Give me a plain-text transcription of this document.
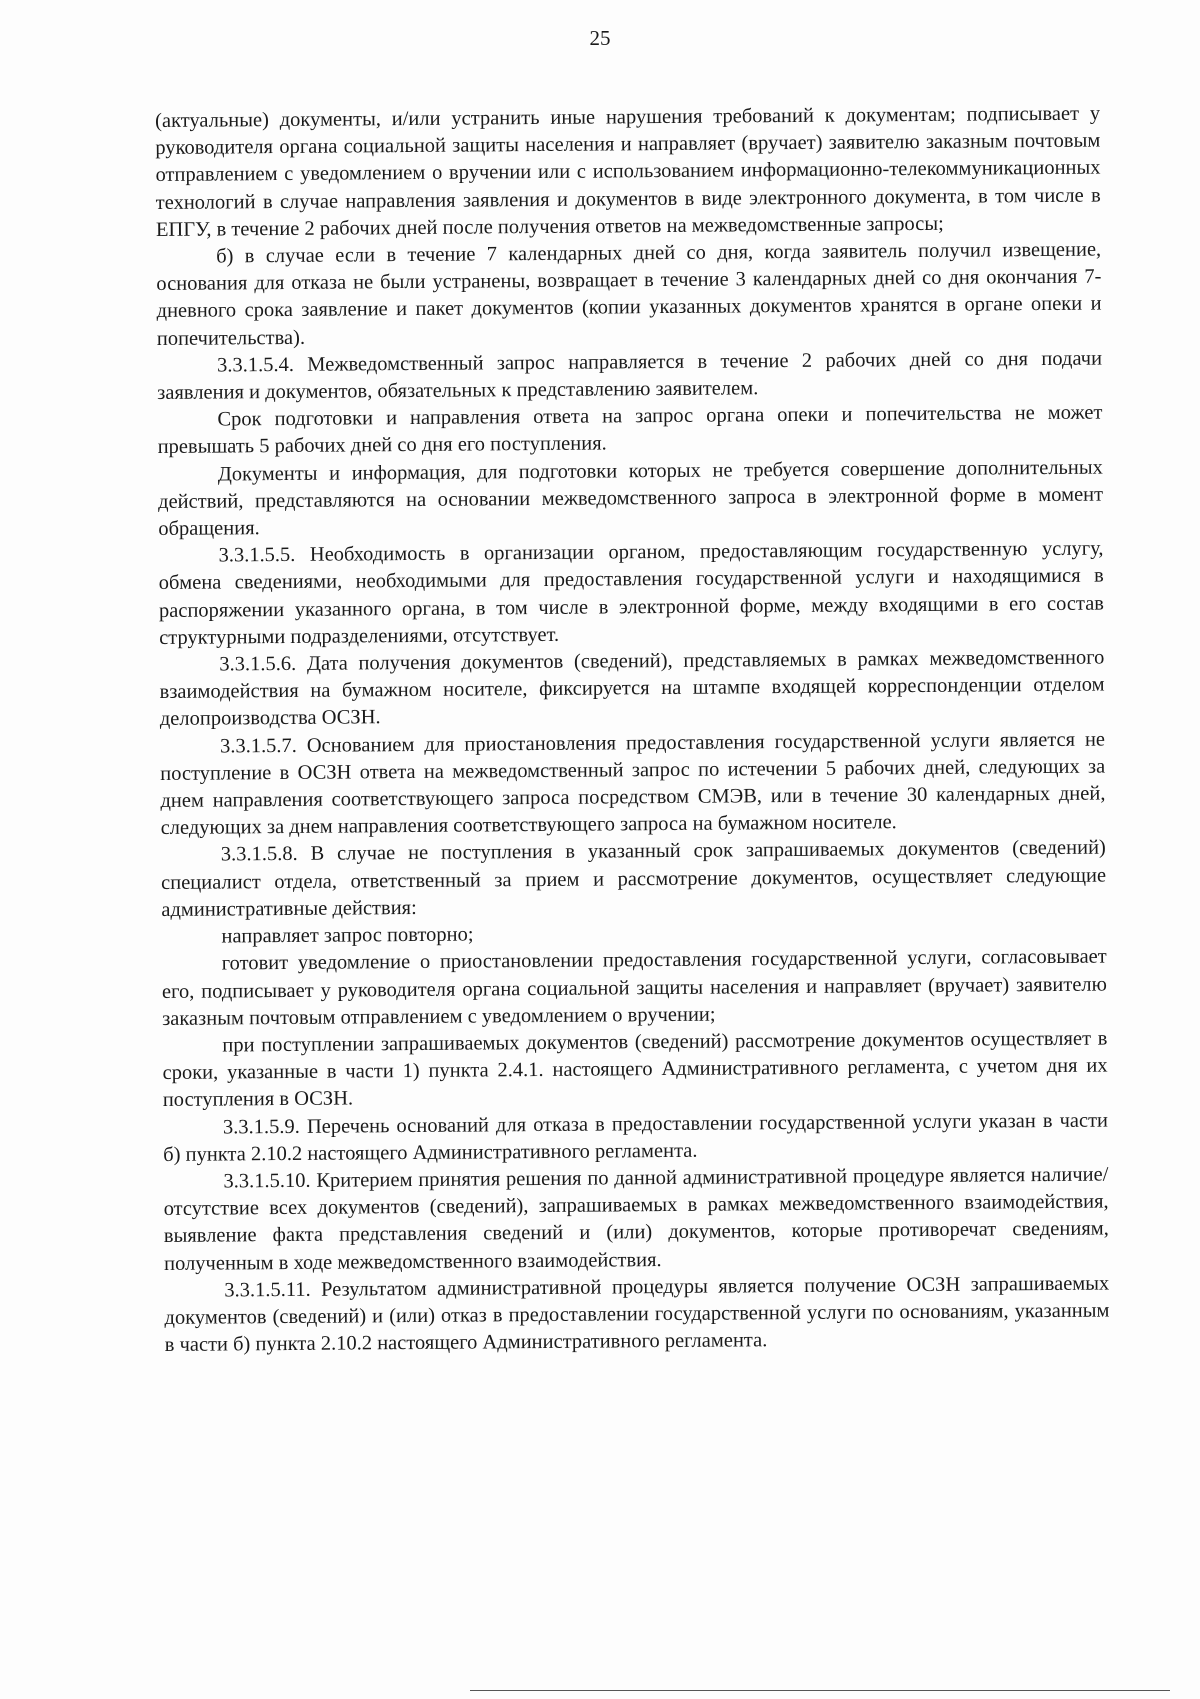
25

(актуальные) документы, и/или устранить иные нарушения требований к документам; подписывает у руководителя органа социальной защиты населения и направляет (вручает) заявителю заказным почтовым отправлением с уведомлением о вручении или с использованием информационно-телекоммуникационных технологий в случае направления заявления и документов в виде электронного документа, в том числе в ЕПГУ, в течение 2 рабочих дней после получения ответов на межведомственные запросы;

б) в случае если в течение 7 календарных дней со дня, когда заявитель получил извещение, основания для отказа не были устранены, возвращает в течение 3 календарных дней со дня окончания 7-дневного срока заявление и пакет документов (копии указанных документов хранятся в органе опеки и попечительства).

3.3.1.5.4. Межведомственный запрос направляется в течение 2 рабочих дней со дня подачи заявления и документов, обязательных к представлению заявителем.

Срок подготовки и направления ответа на запрос органа опеки и попечительства не может превышать 5 рабочих дней со дня его поступления.

Документы и информация, для подготовки которых не требуется совершение дополнительных действий, представляются на основании межведомственного запроса в электронной форме в момент обращения.

3.3.1.5.5. Необходимость в организации органом, предоставляющим государственную услугу, обмена сведениями, необходимыми для предоставления государственной услуги и находящимися в распоряжении указанного органа, в том числе в электронной форме, между входящими в его состав структурными подразделениями, отсутствует.

3.3.1.5.6. Дата получения документов (сведений), представляемых в рамках межведомственного взаимодействия на бумажном носителе, фиксируется на штампе входящей корреспонденции отделом делопроизводства ОСЗН.

3.3.1.5.7. Основанием для приостановления предоставления государственной услуги является не поступление в ОСЗН ответа на межведомственный запрос по истечении 5 рабочих дней, следующих за днем направления соответствующего запроса посредством СМЭВ, или в течение 30 календарных дней, следующих за днем направления соответствующего запроса на бумажном носителе.

3.3.1.5.8. В случае не поступления в указанный срок запрашиваемых документов (сведений) специалист отдела, ответственный за прием и рассмотрение документов, осуществляет следующие административные действия:

направляет запрос повторно;

готовит уведомление о приостановлении предоставления государственной услуги, согласовывает его, подписывает у руководителя органа социальной защиты населения и направляет (вручает) заявителю заказным почтовым отправлением с уведомлением о вручении;

при поступлении запрашиваемых документов (сведений) рассмотрение документов осуществляет в сроки, указанные в части 1) пункта 2.4.1. настоящего Административного регламента, с учетом дня их поступления в ОСЗН.

3.3.1.5.9. Перечень оснований для отказа в предоставлении государственной услуги указан в части б) пункта 2.10.2 настоящего Административного регламента.

3.3.1.5.10. Критерием принятия решения по данной административной процедуре является наличие/отсутствие всех документов (сведений), запрашиваемых в рамках межведомственного взаимодействия, выявление факта представления сведений и (или) документов, которые противоречат сведениям, полученным в ходе межведомственного взаимодействия.

3.3.1.5.11. Результатом административной процедуры является получение ОСЗН запрашиваемых документов (сведений) и (или) отказ в предоставлении государственной услуги по основаниям, указанным в части б) пункта 2.10.2 настоящего Административного регламента.
